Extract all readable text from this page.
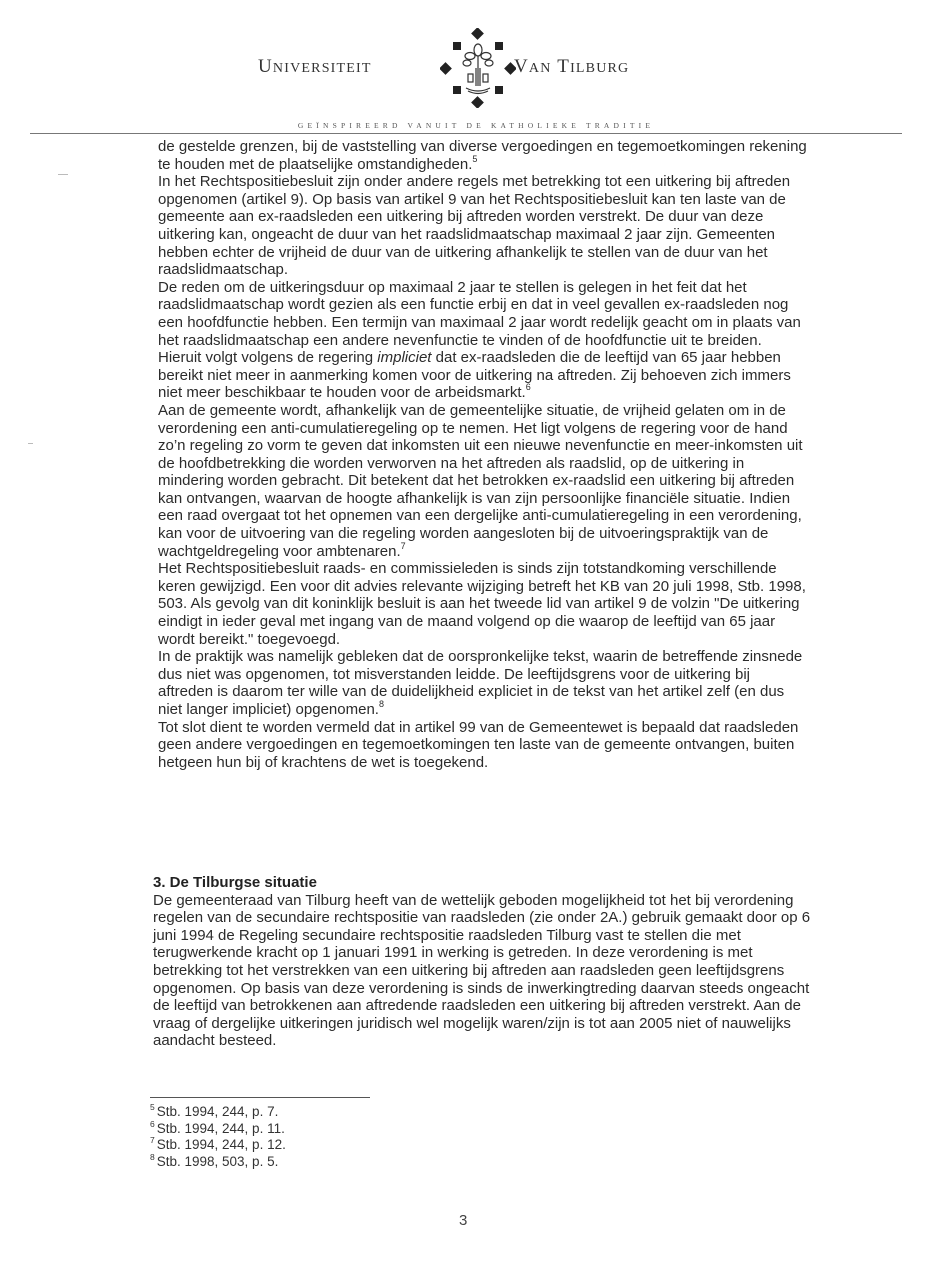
UNIVERSITEIT	VAN TILBURG
GEÏNSPIREERD VANUIT DE KATHOLIEKE TRADITIE

de gestelde grenzen, bij de vaststelling van diverse vergoedingen en tegemoetkomingen rekening te houden met de plaatselijke omstandigheden.$^5$

In het Rechtspositiebesluit zijn onder andere regels met betrekking tot een uitkering bij aftreden opgenomen (artikel 9). Op basis van artikel 9 van het Rechtspositiebesluit kan ten laste van de gemeente aan ex-raadsleden een uitkering bij aftreden worden verstrekt. De duur van deze uitkering kan, ongeacht de duur van het raadslidmaatschap maximaal 2 jaar zijn. Gemeenten hebben echter de vrijheid de duur van de uitkering afhankelijk te stellen van de duur van het raadslidmaatschap.

De reden om de uitkeringsduur op maximaal 2 jaar te stellen is gelegen in het feit dat het raadslidmaatschap wordt gezien als een functie erbij en dat in veel gevallen ex-raadsleden nog een hoofdfunctie hebben. Een termijn van maximaal 2 jaar wordt redelijk geacht om in plaats van het raadslidmaatschap een andere nevenfunctie te vinden of de hoofdfunctie uit te breiden. Hieruit volgt volgens de regering impliciet dat ex-raadsleden die de leeftijd van 65 jaar hebben bereikt niet meer in aanmerking komen voor de uitkering na aftreden. Zij behoeven zich immers niet meer beschikbaar te houden voor de arbeidsmarkt.$^6$

Aan de gemeente wordt, afhankelijk van de gemeentelijke situatie, de vrijheid gelaten om in de verordening een anti-cumulatieregeling op te nemen. Het ligt volgens de regering voor de hand zo’n regeling zo vorm te geven dat inkomsten uit een nieuwe nevenfunctie en meer-inkomsten uit de hoofdbetrekking die worden verworven na het aftreden als raadslid, op de uitkering in mindering worden gebracht. Dit betekent dat het betrokken ex-raadslid een uitkering bij aftreden kan ontvangen, waarvan de hoogte afhankelijk is van zijn persoonlijke financiële situatie. Indien een raad overgaat tot het opnemen van een dergelijke anti-cumulatieregeling in een verordening, kan voor de uitvoering van die regeling worden aangesloten bij de uitvoeringspraktijk van de wachtgeldregeling voor ambtenaren.$^7$

Het Rechtspositiebesluit raads- en commissieleden is sinds zijn totstandkoming verschillende keren gewijzigd. Een voor dit advies relevante wijziging betreft het KB van 20 juli 1998, Stb. 1998, 503. Als gevolg van dit koninklijk besluit is aan het tweede lid van artikel 9 de volzin "De uitkering eindigt in ieder geval met ingang van de maand volgend op die waarop de leeftijd van 65 jaar wordt bereikt." toegevoegd.

In de praktijk was namelijk gebleken dat de oorspronkelijke tekst, waarin de betreffende zinsnede dus niet was opgenomen, tot misverstanden leidde. De leeftijdsgrens voor de uitkering bij aftreden is daarom ter wille van de duidelijkheid expliciet in de tekst van het artikel zelf (en dus niet langer impliciet) opgenomen.$^8$

Tot slot dient te worden vermeld dat in artikel 99 van de Gemeentewet is bepaald dat raadsleden geen andere vergoedingen en tegemoetkomingen ten laste van de gemeente ontvangen, buiten hetgeen hun bij of krachtens de wet is toegekend.

3. De Tilburgse situatie

De gemeenteraad van Tilburg heeft van de wettelijk geboden mogelijkheid tot het bij verordening regelen van de secundaire rechtspositie van raadsleden (zie onder 2A.) gebruik gemaakt door op 6 juni 1994 de Regeling secundaire rechtspositie raadsleden Tilburg vast te stellen die met terugwerkende kracht op 1 januari 1991 in werking is getreden. In deze verordening is met betrekking tot het verstrekken van een uitkering bij aftreden aan raadsleden geen leeftijdsgrens opgenomen. Op basis van deze verordening is sinds de inwerkingtreding daarvan steeds ongeacht de leeftijd van betrokkenen aan aftredende raadsleden een uitkering bij aftreden verstrekt. Aan de vraag of dergelijke uitkeringen juridisch wel mogelijk waren/zijn is tot aan 2005 niet of nauwelijks aandacht besteed.

$^5$ Stb. 1994, 244, p. 7.
$^6$ Stb. 1994, 244, p. 11.
$^7$ Stb. 1994, 244, p. 12.
$^8$ Stb. 1998, 503, p. 5.
3
